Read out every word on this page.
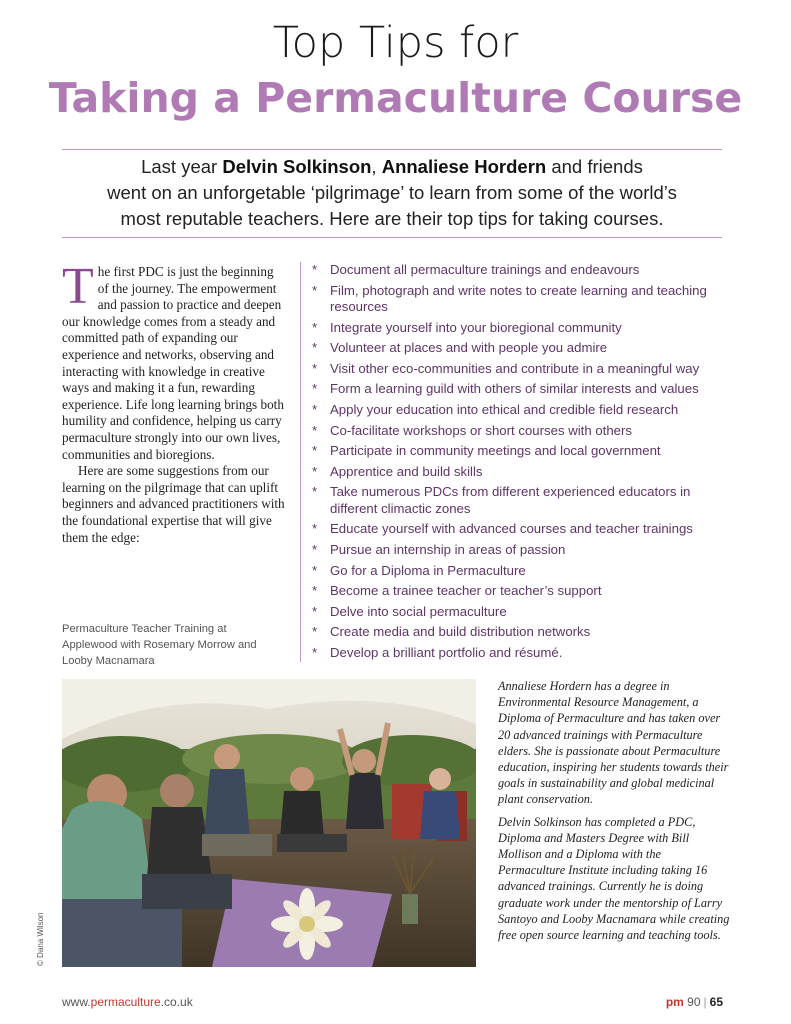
Top Tips for
Taking a Permaculture Course
Last year Delvin Solkinson, Annaliese Hordern and friends
went on an unforgetable ‘pilgrimage’ to learn from some of the world’s
most reputable teachers. Here are their top tips for taking courses.

The first PDC is just the beginning of the journey. The empowerment and passion to practice and deepen our knowledge comes from a steady and committed path of expanding our experience and networks, observing and interacting with knowledge in creative ways and making it a fun, rewarding experience. Life long learning brings both humility and confidence, helping us carry permaculture strongly into our own lives, communities and bioregions.

Here are some suggestions from our learning on the pilgrimage that can uplift beginners and advanced practitioners with the foundational expertise that will give them the edge:

* Document all permaculture trainings and endeavours
* Film, photograph and write notes to create learning and teaching resources
* Integrate yourself into your bioregional community
* Volunteer at places and with people you admire
* Visit other eco-communities and contribute in a meaningful way
* Form a learning guild with others of similar interests and values
* Apply your education into ethical and credible field research
* Co-facilitate workshops or short courses with others
* Participate in community meetings and local government
* Apprentice and build skills
* Take numerous PDCs from different experienced educators in different climactic zones
* Educate yourself with advanced courses and teacher trainings
* Pursue an internship in areas of passion
* Go for a Diploma in Permaculture
* Become a trainee teacher or teacher’s support
* Delve into social permaculture
* Create media and build distribution networks
* Develop a brilliant portfolio and résumé.
Permaculture Teacher Training at Applewood with Rosemary Morrow and Looby Macnamara
© Dana Wilson

Annaliese Hordern has a degree in Environmental Resource Management, a Diploma of Permaculture and has taken over 20 advanced trainings with Permaculture elders. She is passionate about Permaculture education, inspiring her students towards their goals in sustainability and global medicinal plant conservation.

Delvin Solkinson has completed a PDC, Diploma and Masters Degree with Bill Mollison and a Diploma with the Permaculture Institute including taking 16 advanced trainings. Currently he is doing graduate work under the mentorship of Larry Santoyo and Looby Macnamara while creating free open source learning and teaching tools.

www.permaculture.co.uk	pm 90 | 65
